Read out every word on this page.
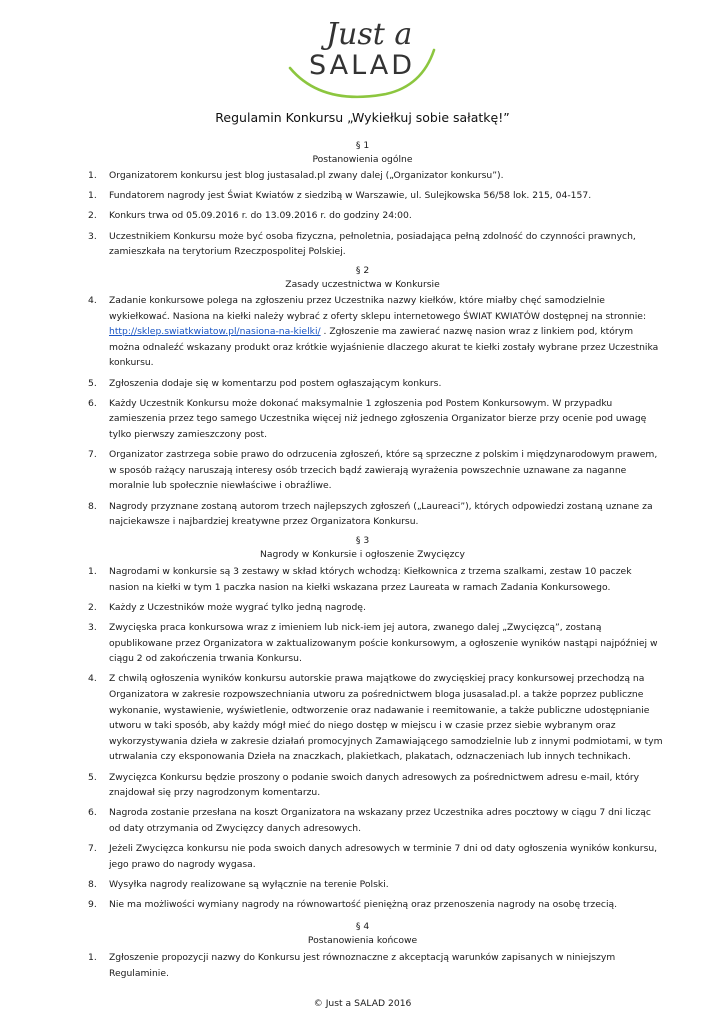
Just a
SALAD
Regulamin Konkursu „Wykiełkuj sobie sałatkę!”
§ 1
Postanowienia ogólne
1. Organizatorem konkursu jest blog justasalad.pl zwany dalej („Organizator konkursu”).
1. Fundatorem nagrody jest Świat Kwiatów z siedzibą w Warszawie, ul. Sulejkowska 56/58 lok. 215, 04-157.
2. Konkurs trwa od 05.09.2016 r. do 13.09.2016 r. do godziny 24:00.
3. Uczestnikiem Konkursu może być osoba fizyczna, pełnoletnia, posiadająca pełną zdolność do czynności prawnych, zamieszkała na terytorium Rzeczpospolitej Polskiej.
§ 2
Zasady uczestnictwa w Konkursie
4. Zadanie konkursowe polega na zgłoszeniu przez Uczestnika nazwy kiełków, które miałby chęć samodzielnie wykiełkować. Nasiona na kiełki należy wybrać z oferty sklepu internetowego ŚWIAT KWIATÓW dostępnej na stronnie: http://sklep.swiatkwiatow.pl/nasiona-na-kielki/ . Zgłoszenie ma zawierać nazwę nasion wraz z linkiem pod, którym można odnaleźć wskazany produkt oraz krótkie wyjaśnienie dlaczego akurat te kiełki zostały wybrane przez Uczestnika konkursu.
5. Zgłoszenia dodaje się w komentarzu pod postem ogłaszającym konkurs.
6. Każdy Uczestnik Konkursu może dokonać maksymalnie 1 zgłoszenia pod Postem Konkursowym. W przypadku zamieszenia przez tego samego Uczestnika więcej niż jednego zgłoszenia Organizator bierze przy ocenie pod uwagę tylko pierwszy zamieszczony post.
7. Organizator zastrzega sobie prawo do odrzucenia zgłoszeń, które są sprzeczne z polskim i międzynarodowym prawem, w sposób rażący naruszają interesy osób trzecich bądź zawierają wyrażenia powszechnie uznawane za naganne moralnie lub społecznie niewłaściwe i obraźliwe.
8. Nagrody przyznane zostaną autorom trzech najlepszych zgłoszeń („Laureaci”), których odpowiedzi zostaną uznane za najciekawsze i najbardziej kreatywne przez Organizatora Konkursu.
§ 3
Nagrody w Konkursie i ogłoszenie Zwycięzcy
1. Nagrodami w konkursie są 3 zestawy w skład których wchodzą: Kiełkownica z trzema szalkami, zestaw 10 paczek nasion na kiełki w tym 1 paczka nasion na kiełki wskazana przez Laureata w ramach Zadania Konkursowego.
2. Każdy z Uczestników może wygrać tylko jedną nagrodę.
3. Zwycięska praca konkursowa wraz z imieniem lub nick-iem jej autora, zwanego dalej „Zwycięzcą”, zostaną opublikowane przez Organizatora w zaktualizowanym poście konkursowym, a ogłoszenie wyników nastąpi najpóźniej w ciągu 2 od zakończenia trwania Konkursu.
4. Z chwilą ogłoszenia wyników konkursu autorskie prawa majątkowe do zwycięskiej pracy konkursowej przechodzą na Organizatora w zakresie rozpowszechniania utworu za pośrednictwem bloga jusasalad.pl. a także poprzez publiczne wykonanie, wystawienie, wyświetlenie, odtworzenie oraz nadawanie i reemitowanie, a także publiczne udostępnianie utworu w taki sposób, aby każdy mógł mieć do niego dostęp w miejscu i w czasie przez siebie wybranym oraz wykorzystywania dzieła w zakresie działań promocyjnych Zamawiającego samodzielnie lub z innymi podmiotami, w tym utrwalania czy eksponowania Dzieła na znaczkach, plakietkach, plakatach, odznaczeniach lub innych technikach.
5. Zwycięzca Konkursu będzie proszony o podanie swoich danych adresowych za pośrednictwem adresu e-mail, który znajdował się przy nagrodzonym komentarzu.
6. Nagroda zostanie przesłana na koszt Organizatora na wskazany przez Uczestnika adres pocztowy w ciągu 7 dni licząc od daty otrzymania od Zwycięzcy danych adresowych.
7. Jeżeli Zwycięzca konkursu nie poda swoich danych adresowych w terminie 7 dni od daty ogłoszenia wyników konkursu, jego prawo do nagrody wygasa.
8. Wysyłka nagrody realizowane są wyłącznie na terenie Polski.
9. Nie ma możliwości wymiany nagrody na równowartość pieniężną oraz przenoszenia nagrody na osobę trzecią.
§ 4
Postanowienia końcowe
1. Zgłoszenie propozycji nazwy do Konkursu jest równoznaczne z akceptacją warunków zapisanych w niniejszym Regulaminie.
© Just a SALAD 2016
